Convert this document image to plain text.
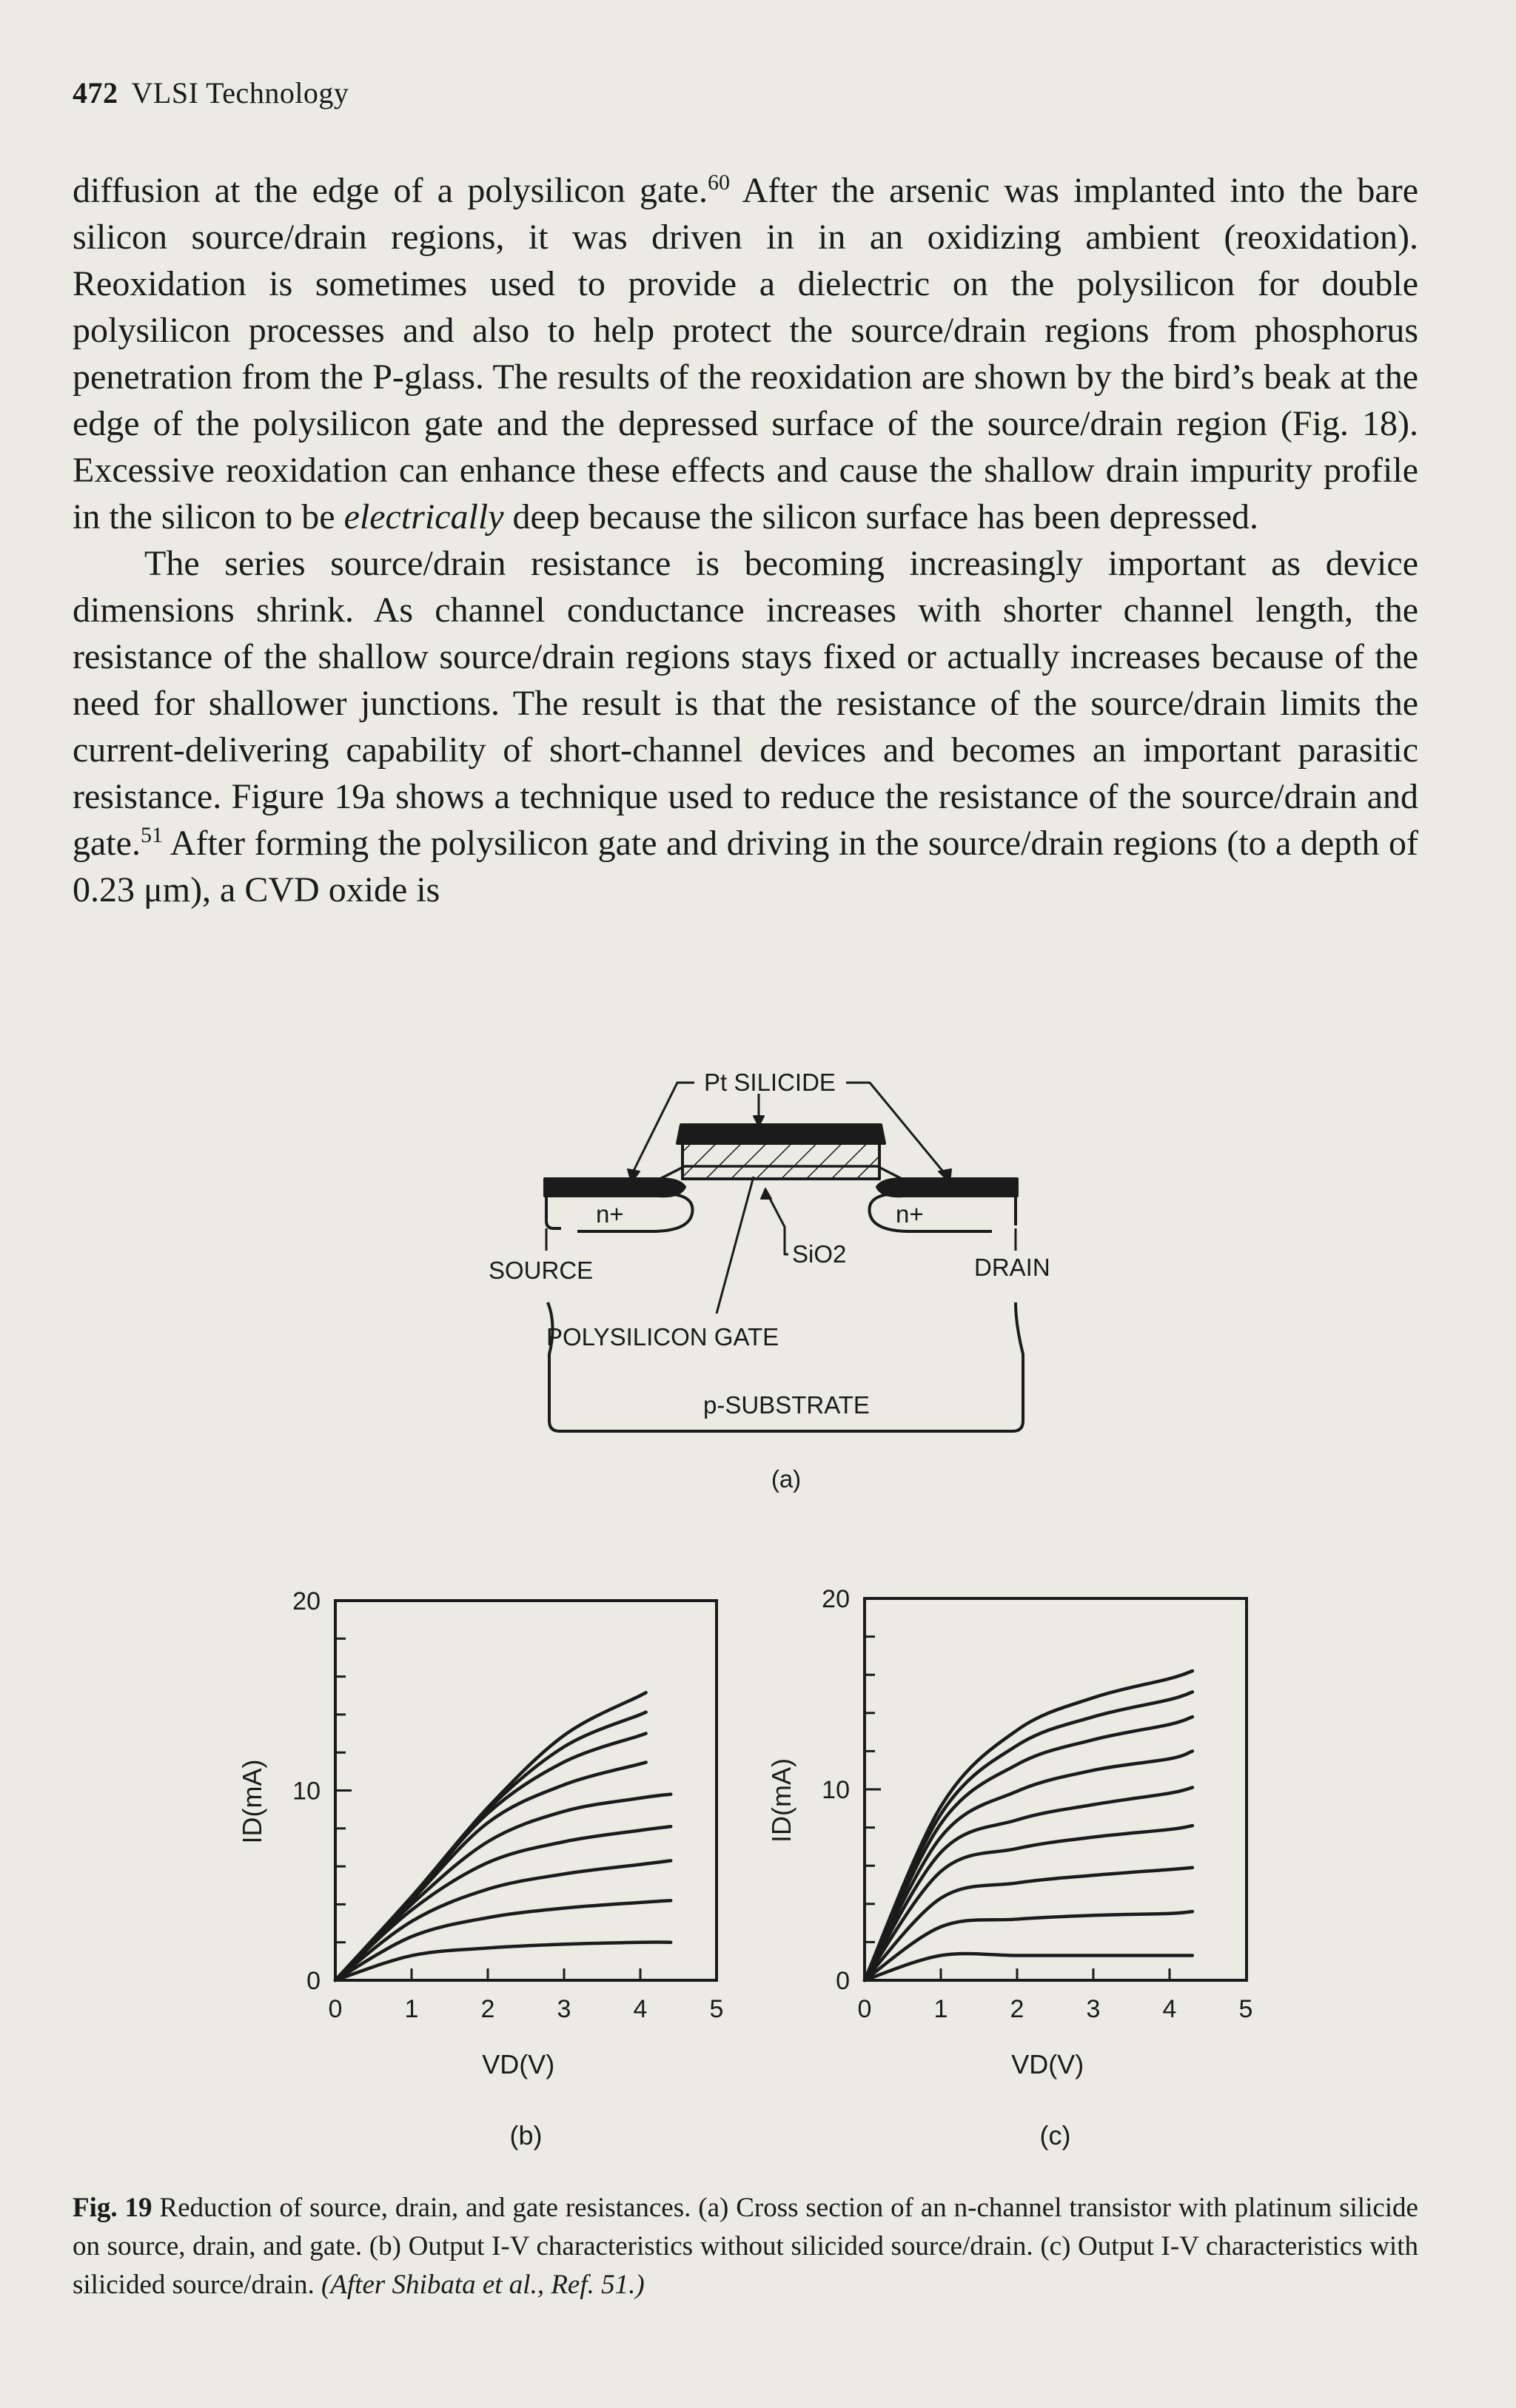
472 VLSI Technology

diffusion at the edge of a polysilicon gate.$^{60}$ After the arsenic was implanted into the bare silicon source/drain regions, it was driven in in an oxidizing ambient (reoxidation). Reoxidation is sometimes used to provide a dielectric on the polysilicon for double polysilicon processes and also to help protect the source/drain regions from phosphorus penetration from the P-glass. The results of the reoxidation are shown by the bird’s beak at the edge of the polysilicon gate and the depressed surface of the source/drain region (Fig. 18). Excessive reoxidation can enhance these effects and cause the shallow drain impurity profile in the silicon to be electrically deep because the silicon surface has been depressed.

The series source/drain resistance is becoming increasingly important as device dimensions shrink. As channel conductance increases with shorter channel length, the resistance of the shallow source/drain regions stays fixed or actually increases because of the need for shallower junctions. The result is that the resistance of the source/drain limits the current-delivering capability of short-channel devices and becomes an important parasitic resistance. Figure 19a shows a technique used to reduce the resistance of the source/drain and gate.$^{51}$ After forming the polysilicon gate and driving in the source/drain regions (to a depth of 0.23 μm), a CVD oxide is

Pt SILICIDE
n+	n+
SOURCE	DRAIN
SiO2
POLYSILICON GATE
p-SUBSTRATE
(a)
0 1 2 3 4 5
0
10
20
ID(mA)
VD(V)
(b)
0 1 2 3 4 5
0
10
20
ID(mA)
VD(V)
(c)
Fig. 19 Reduction of source, drain, and gate resistances. (a) Cross section of an n-channel transistor with platinum silicide on source, drain, and gate. (b) Output I-V characteristics without silicided source/drain. (c) Output I-V characteristics with silicided source/drain. (After Shibata et al., Ref. 51.)
